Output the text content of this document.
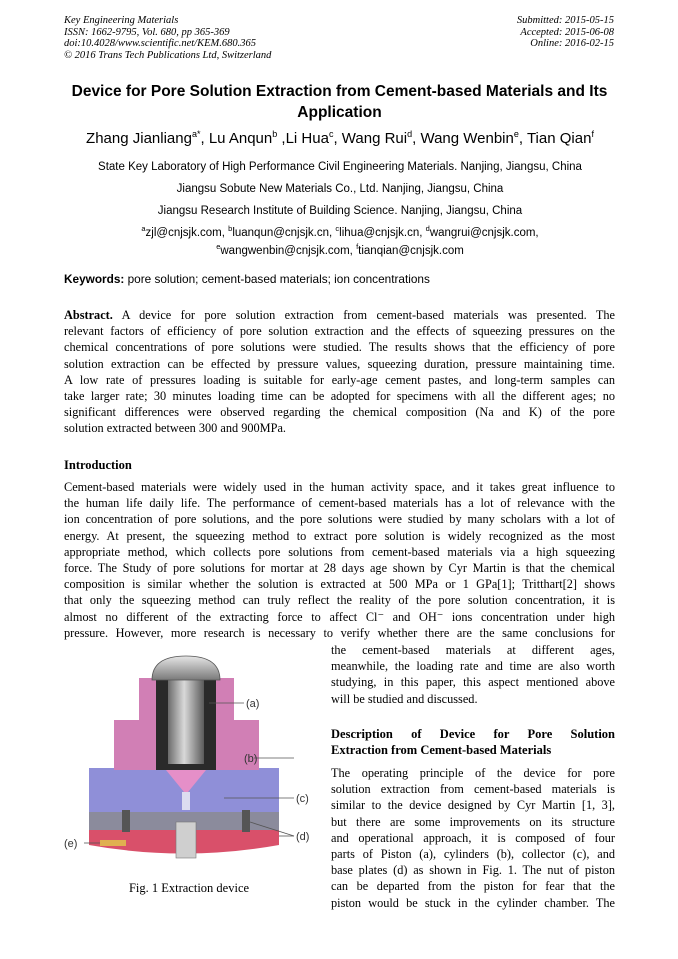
Key Engineering Materials
ISSN: 1662-9795, Vol. 680, pp 365-369
doi:10.4028/www.scientific.net/KEM.680.365
© 2016 Trans Tech Publications Ltd, Switzerland
Submitted: 2015-05-15
Accepted: 2015-06-08
Online: 2016-02-15
Device for Pore Solution Extraction from Cement-based Materials and Its
Application
Zhang Jianliang$^{a*}$, Lu Anqun$^b$ ,Li Hua$^c$, Wang Rui$^d$, Wang Wenbin$^e$, Tian Qian$^f$
State Key Laboratory of High Performance Civil Engineering Materials. Nanjing, Jiangsu, China
Jiangsu Sobute New Materials Co., Ltd. Nanjing, Jiangsu, China
Jiangsu Research Institute of Building Science. Nanjing, Jiangsu, China
$^a$zjl@cnjsjk.com, $^b$luanqun@cnjsjk.cn, $^c$lihua@cnjsjk.cn, $^d$wangrui@cnjsjk.com,
$^e$wangwenbin@cnjsjk.com, $^f$tianqian@cnjsjk.com
Keywords: pore solution; cement-based materials; ion concentrations
Abstract. A device for pore solution extraction from cement-based materials was presented. The
relevant factors of efficiency of pore solution extraction and the effects of squeezing pressures on the
chemical concentrations of pore solutions were studied. The results shows that the efficiency of pore
solution extraction can be effected by pressure values, squeezing duration, pressure maintaining time.
A low rate of pressures loading is suitable for early-age cement pastes, and long-term samples can
take larger rate; 30 minutes loading time can be adopted for specimens with all the different ages; no
significant differences were observed regarding the chemical composition (Na and K) of the pore
solution extracted between 300 and 900MPa.
Introduction
Cement-based materials were widely used in the human activity space, and it takes great influence to
the human life daily life. The performance of cement-based materials has a lot of relevance with the
ion concentration of pore solutions, and the pore solutions were studied by many scholars with a lot of
energy. At present, the squeezing method to extract pore solution is widely recognized as the most
appropriate method, which collects pore solutions from cement-based materials via a high squeezing
force. The Study of pore solutions for mortar at 28 days age shown by Cyr Martin is that the chemical
composition is similar whether the solution is extracted at 500 MPa or 1 GPa[1]; Tritthart[2] shows
that only the squeezing method can truly reflect the reality of the pore solution concentration, it is
almost no different of the extracting force to affect Cl⁻ and OH⁻ ions concentration under high
pressure. However, more research is necessary to verify whether there are the same conclusions for
the cement-based materials at different ages,
meanwhile, the loading rate and time are also worth
studying, in this paper, this aspect mentioned above
will be studied and discussed.
Description of Device for Pore Solution
Extraction from Cement-based Materials
The operating principle of the device for pore
solution extraction from cement-based materials is
similar to the device designed by Cyr Martin [1, 3],
but there are some improvements on its structure
and operational approach, it is composed of four
parts of Piston (a), cylinders (b), collector (c), and
base plates (d) as shown in Fig. 1. The nut of piston
can be departed from the piston for fear that the
piston would be stuck in the cylinder chamber. The
(a)
(b)
(c)
(d)
(e)
Fig. 1 Extraction device
